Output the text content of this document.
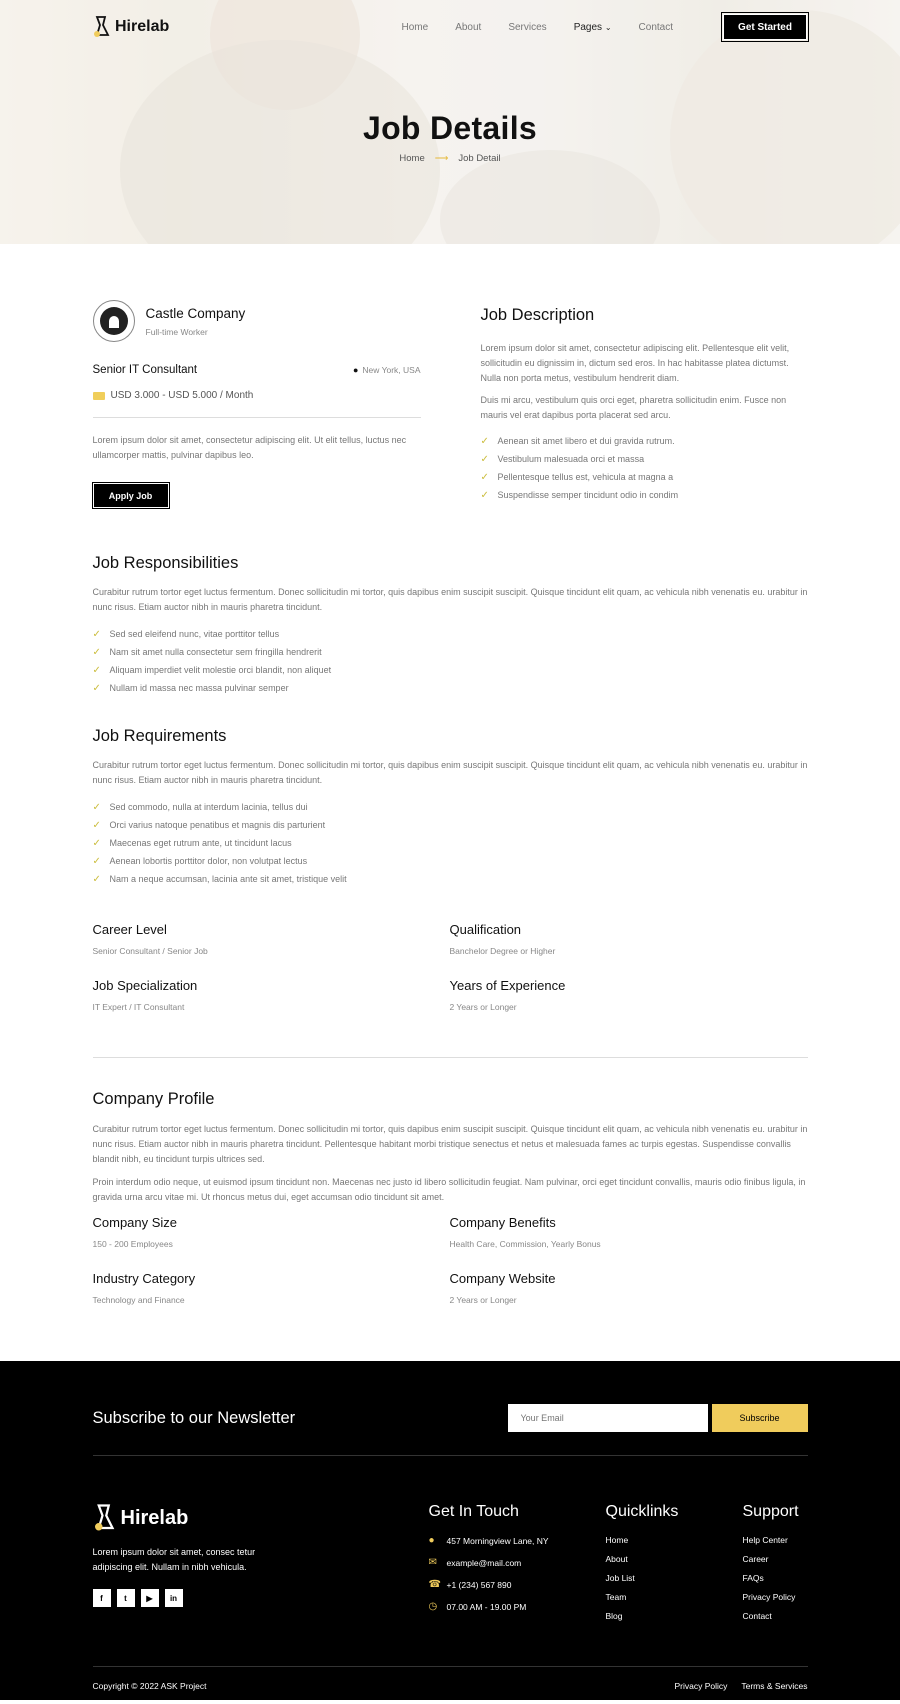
Hirelab	Home	About	Services	Pages ⌄	Contact	Get Started
Job Details
Home ⟶ Job Detail
Castle Company
Full-time Worker
Senior IT Consultant	● New York, USA
USD 3.000 - USD 5.000 / Month

Lorem ipsum dolor sit amet, consectetur adipiscing elit. Ut elit tellus, luctus nec ullamcorper mattis, pulvinar dapibus leo.

Apply Job
Job Description

Lorem ipsum dolor sit amet, consectetur adipiscing elit. Pellentesque elit velit, sollicitudin eu dignissim in, dictum sed eros. In hac habitasse platea dictumst. Nulla non porta metus, vestibulum hendrerit diam.

Duis mi arcu, vestibulum quis orci eget, pharetra sollicitudin enim. Fusce non mauris vel erat dapibus porta placerat sed arcu.

✓ Aenean sit amet libero et dui gravida rutrum.
✓ Vestibulum malesuada orci et massa
✓ Pellentesque tellus est, vehicula at magna a
✓ Suspendisse semper tincidunt odio in condim
Job Responsibilities

Curabitur rutrum tortor eget luctus fermentum. Donec sollicitudin mi tortor, quis dapibus enim suscipit suscipit. Quisque tincidunt elit quam, ac vehicula nibh venenatis eu. urabitur in nunc risus. Etiam auctor nibh in mauris pharetra tincidunt.

✓ Sed sed eleifend nunc, vitae porttitor tellus
✓ Nam sit amet nulla consectetur sem fringilla hendrerit
✓ Aliquam imperdiet velit molestie orci blandit, non aliquet
✓ Nullam id massa nec massa pulvinar semper
Job Requirements

Curabitur rutrum tortor eget luctus fermentum. Donec sollicitudin mi tortor, quis dapibus enim suscipit suscipit. Quisque tincidunt elit quam, ac vehicula nibh venenatis eu. urabitur in nunc risus. Etiam auctor nibh in mauris pharetra tincidunt.

✓ Sed commodo, nulla at interdum lacinia, tellus dui
✓ Orci varius natoque penatibus et magnis dis parturient
✓ Maecenas eget rutrum ante, ut tincidunt lacus
✓ Aenean lobortis porttitor dolor, non volutpat lectus
✓ Nam a neque accumsan, lacinia ante sit amet, tristique velit
Career Level
Senior Consultant / Senior Job
Qualification
Banchelor Degree or Higher
Job Specialization
IT Expert / IT Consultant
Years of Experience
2 Years or Longer
Company Profile

Curabitur rutrum tortor eget luctus fermentum. Donec sollicitudin mi tortor, quis dapibus enim suscipit suscipit. Quisque tincidunt elit quam, ac vehicula nibh venenatis eu. urabitur in nunc risus. Etiam auctor nibh in mauris pharetra tincidunt. Pellentesque habitant morbi tristique senectus et netus et malesuada fames ac turpis egestas. Suspendisse convallis blandit nibh, eu tincidunt turpis ultrices sed.

Proin interdum odio neque, ut euismod ipsum tincidunt non. Maecenas nec justo id libero sollicitudin feugiat. Nam pulvinar, orci eget tincidunt convallis, mauris odio finibus ligula, in gravida urna arcu vitae mi. Ut rhoncus metus dui, eget accumsan odio tincidunt sit amet.

Company Size
150 - 200 Employees
Company Benefits
Health Care, Commission, Yearly Bonus
Industry Category
Technology and Finance
Company Website
2 Years or Longer
Subscribe to our Newsletter
Your Email	Subscribe
Hirelab

Lorem ipsum dolor sit amet, consec tetur adipiscing elit. Nullam in nibh vehicula.

f	t	▶	in
Get In Touch
●	457 Morningview Lane, NY
✉	example@mail.com
☎ +1 (234) 567 890
◷	07.00 AM - 19.00 PM
Quicklinks
Home
About
Job List
Team
Blog
Support
Help Center
Career
FAQs
Privacy Policy
Contact
Copyright © 2022 ASK Project	Privacy Policy Terms & Services
